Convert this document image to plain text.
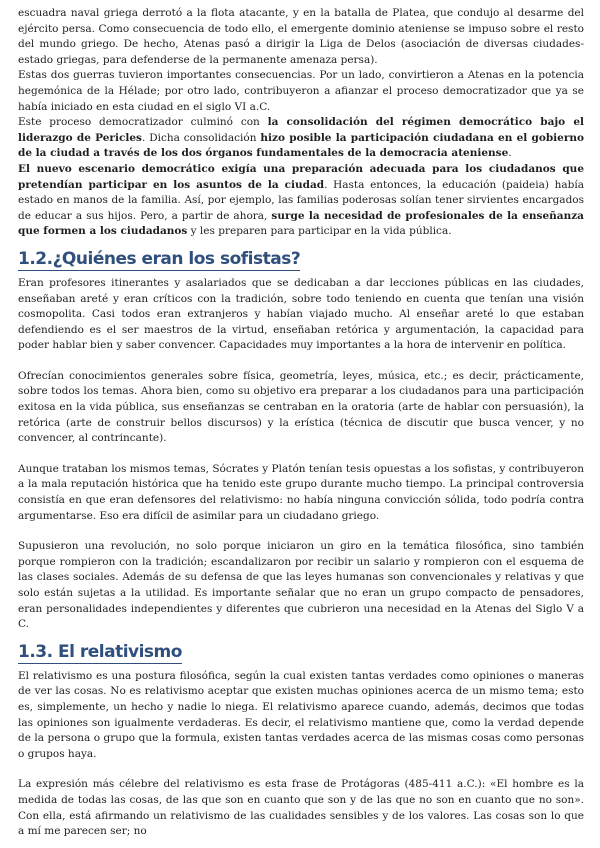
escuadra naval griega derrotó a la flota atacante, y en la batalla de Platea, que condujo al desarme del ejército persa. Como consecuencia de todo ello, el emergente dominio ateniense se impuso sobre el resto del mundo griego. De hecho, Atenas pasó a dirigir la Liga de Delos (asociación de diversas ciudades-estado griegas, para defenderse de la permanente amenaza persa).

Estas dos guerras tuvieron importantes consecuencias. Por un lado, convirtieron a Atenas en la potencia hegemónica de la Hélade; por otro lado, contribuyeron a afianzar el proceso democratizador que ya se había iniciado en esta ciudad en el siglo VI a.C.

Este proceso democratizador culminó con la consolidación del régimen democrático bajo el liderazgo de Pericles. Dicha consolidación hizo posible la participación ciudadana en el gobierno de la ciudad a través de los dos órganos fundamentales de la democracia ateniense.

El nuevo escenario democrático exigía una preparación adecuada para los ciudadanos que pretendían participar en los asuntos de la ciudad. Hasta entonces, la educación (paideia) había estado en manos de la familia. Así, por ejemplo, las familias poderosas solían tener sirvientes encargados de educar a sus hijos. Pero, a partir de ahora, surge la necesidad de profesionales de la enseñanza que formen a los ciudadanos y les preparen para participar en la vida pública.

1.2.¿Quiénes eran los sofistas?

Eran profesores itinerantes y asalariados que se dedicaban a dar lecciones públicas en las ciudades, enseñaban areté y eran críticos con la tradición, sobre todo teniendo en cuenta que tenían una visión cosmopolita. Casi todos eran extranjeros y habían viajado mucho. Al enseñar areté lo que estaban defendiendo es el ser maestros de la virtud, enseñaban retórica y argumentación, la capacidad para poder hablar bien y saber convencer. Capacidades muy importantes a la hora de intervenir en política.

Ofrecían conocimientos generales sobre física, geometría, leyes, música, etc.; es decir, prácticamente, sobre todos los temas. Ahora bien, como su objetivo era preparar a los ciudadanos para una participación exitosa en la vida pública, sus enseñanzas se centraban en la oratoria (arte de hablar con persuasión), la retórica (arte de construir bellos discursos) y la erística (técnica de discutir que busca vencer, y no convencer, al contrincante).

Aunque trataban los mismos temas, Sócrates y Platón tenían tesis opuestas a los sofistas, y contribuyeron a la mala reputación histórica que ha tenido este grupo durante mucho tiempo. La principal controversia consistía en que eran defensores del relativismo: no había ninguna convicción sólida, todo podría contra argumentarse. Eso era difícil de asimilar para un ciudadano griego.

Supusieron una revolución, no solo porque iniciaron un giro en la temática filosófica, sino también porque rompieron con la tradición; escandalizaron por recibir un salario y rompieron con el esquema de las clases sociales. Además de su defensa de que las leyes humanas son convencionales y relativas y que solo están sujetas a la utilidad. Es importante señalar que no eran un grupo compacto de pensadores, eran personalidades independientes y diferentes que cubrieron una necesidad en la Atenas del Siglo V a C.

1.3. El relativismo

El relativismo es una postura filosófica, según la cual existen tantas verdades como opiniones o maneras de ver las cosas. No es relativismo aceptar que existen muchas opiniones acerca de un mismo tema; esto es, simplemente, un hecho y nadie lo niega. El relativismo aparece cuando, además, decimos que todas las opiniones son igualmente verdaderas. Es decir, el relativismo mantiene que, como la verdad depende de la persona o grupo que la formula, existen tantas verdades acerca de las mismas cosas como personas o grupos haya.

La expresión más célebre del relativismo es esta frase de Protágoras (485-411 a.C.): «El hombre es la medida de todas las cosas, de las que son en cuanto que son y de las que no son en cuanto que no son». Con ella, está afirmando un relativismo de las cualidades sensibles y de los valores. Las cosas son lo que a mí me parecen ser; no
